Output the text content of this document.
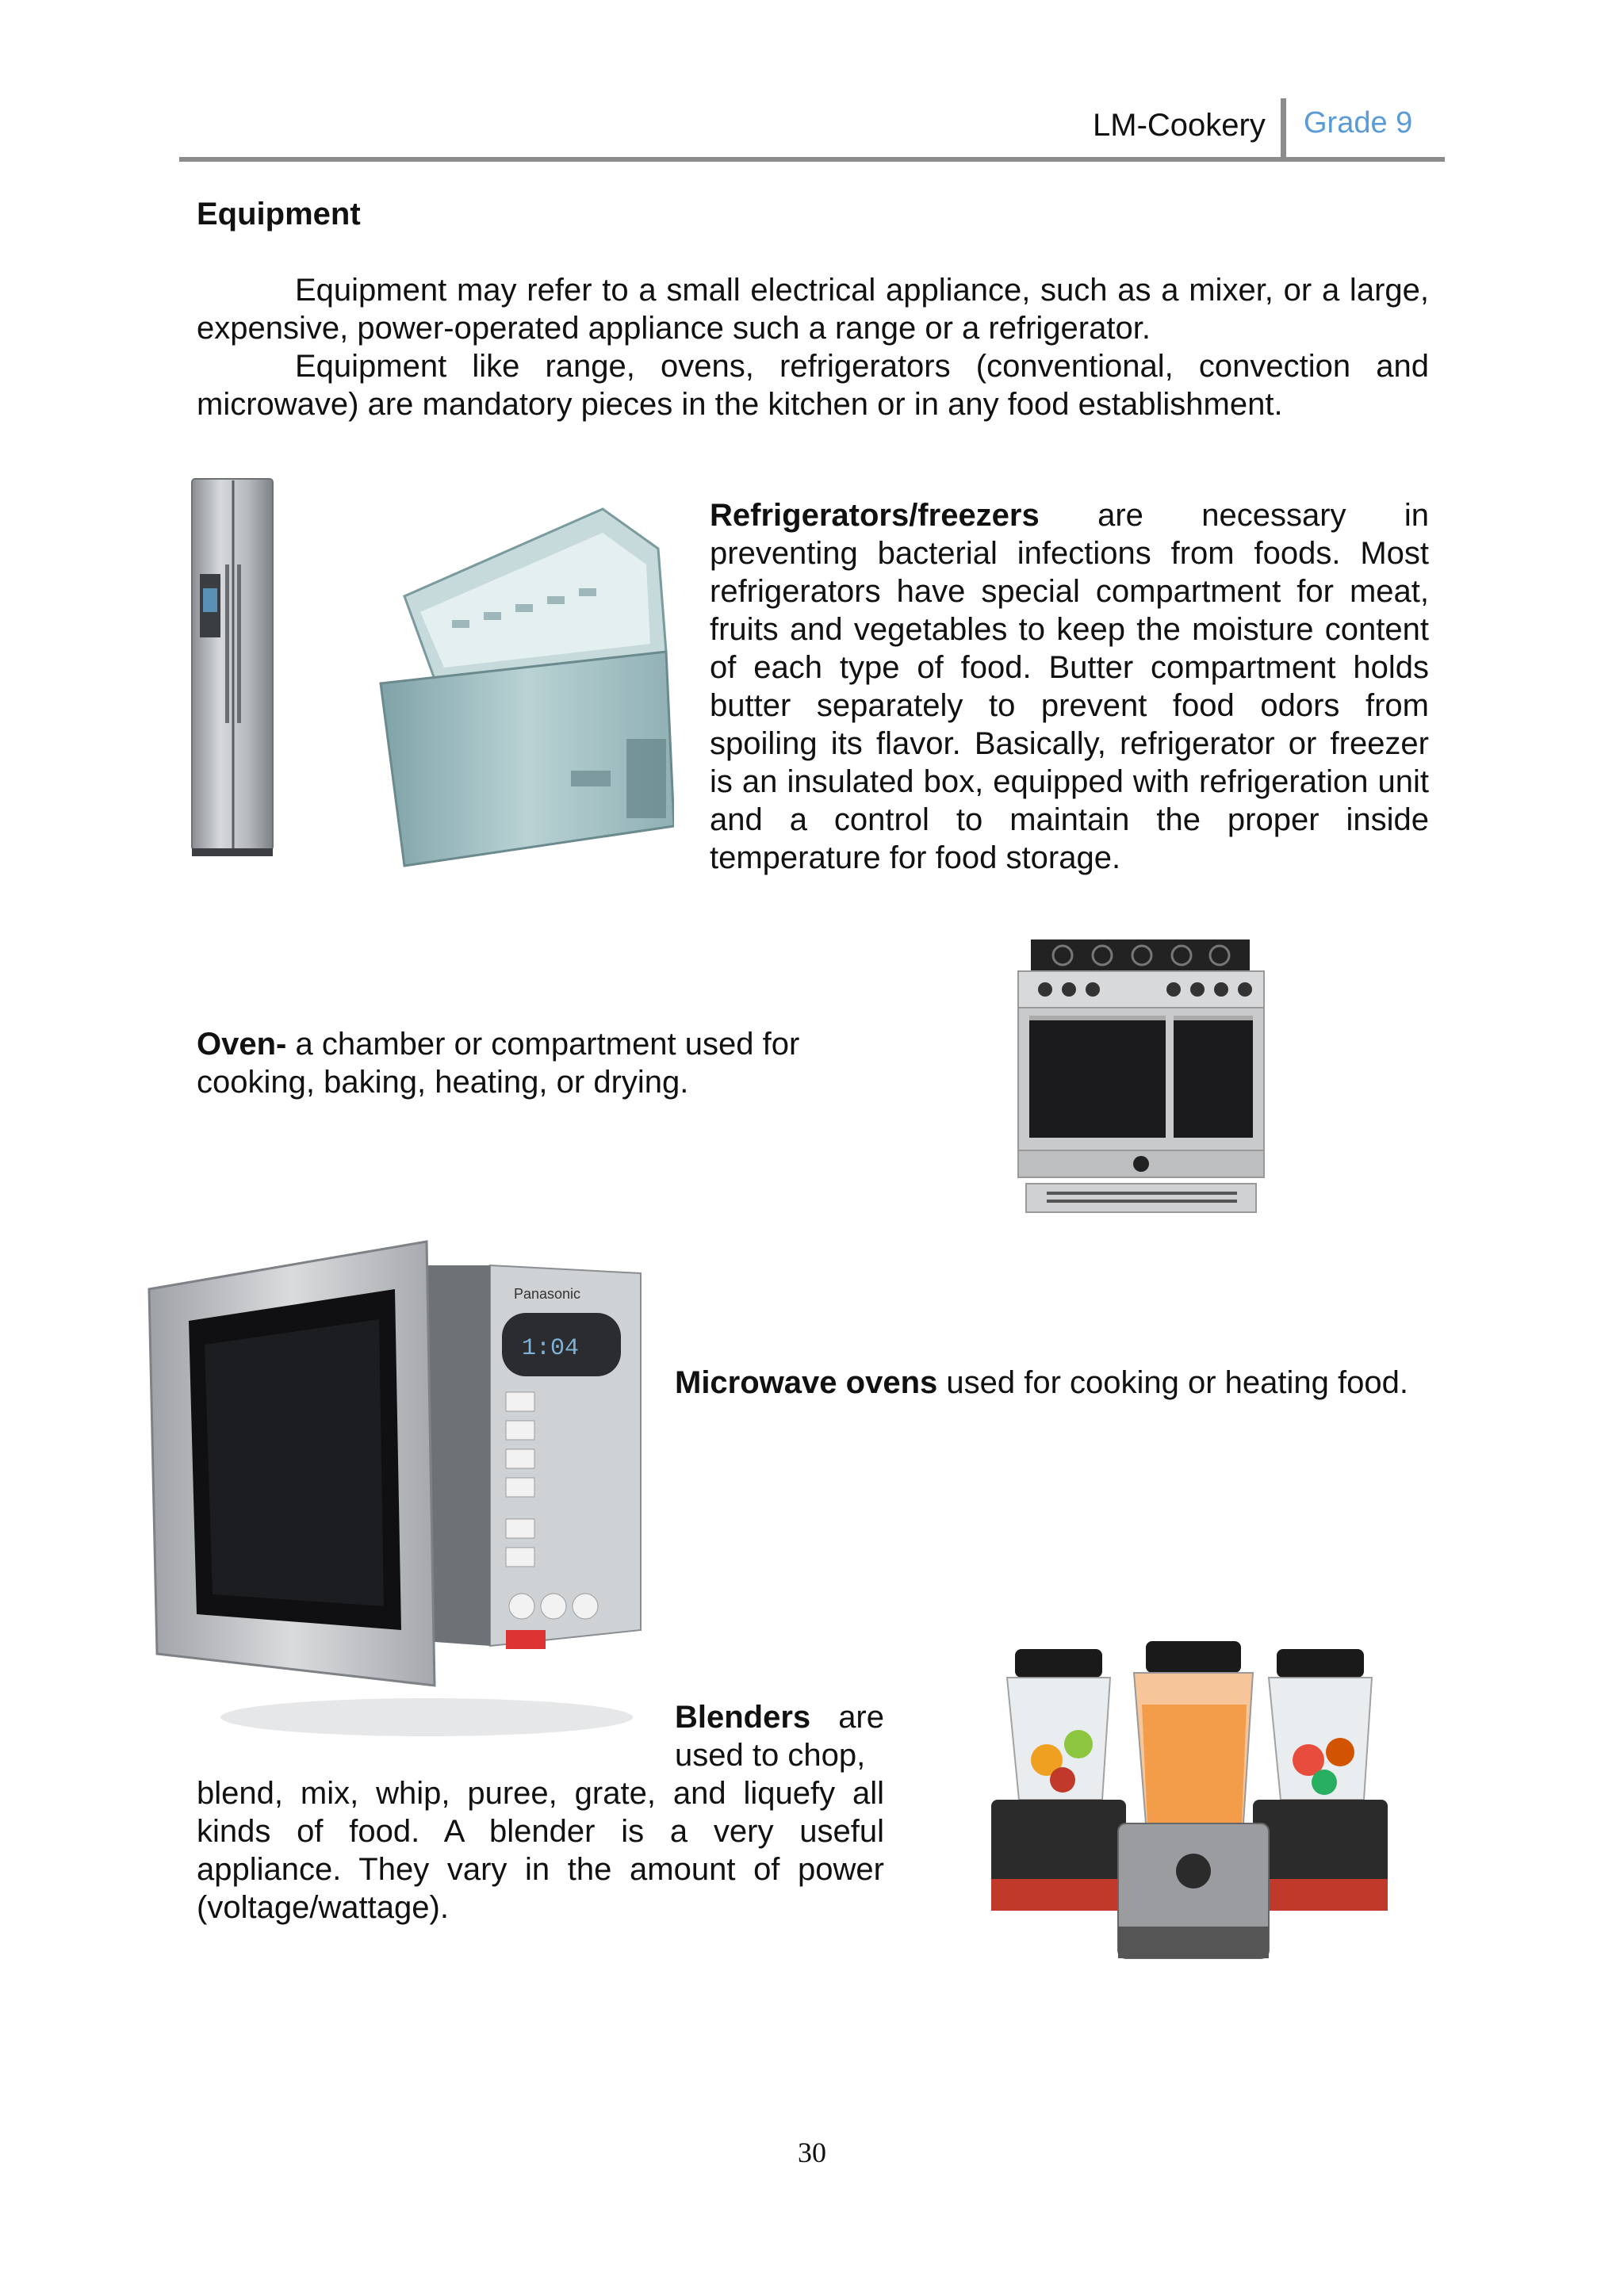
LM-Cookery Grade 9
Equipment

Equipment may refer to a small electrical appliance, such as a mixer, or a large, expensive, power-operated appliance such a range or a refrigerator.

Equipment like range, ovens, refrigerators (conventional, convection and microwave) are mandatory pieces in the kitchen or in any food establishment.

Refrigerators/freezers are necessary in preventing bacterial infections from foods. Most refrigerators have special compartment for meat, fruits and vegetables to keep the moisture content of each type of food. Butter compartment holds butter separately to prevent food odors from spoiling its flavor. Basically, refrigerator or freezer is an insulated box, equipped with refrigeration unit and a control to maintain the proper inside temperature for food storage.
Oven- a chamber or compartment used for cooking, baking, heating, or drying.
1:04
Panasonic
Microwave ovens used for cooking or heating food.
Blenders are used to chop,
blend, mix, whip, puree, grate, and liquefy all kinds of food. A blender is a very useful appliance. They vary in the amount of power (voltage/wattage).
30
